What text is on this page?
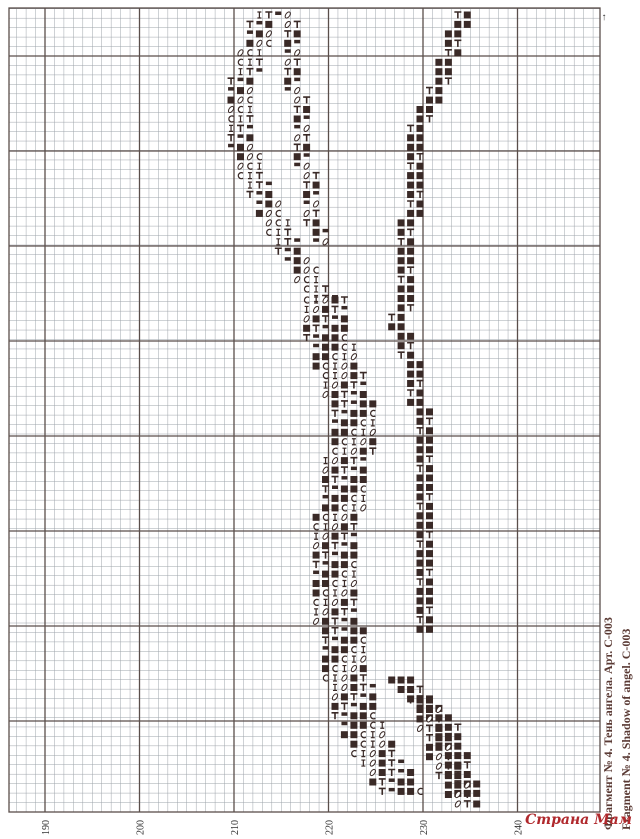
190	200	210	220	230	240
↑
Фрагмент № 4. Тень ангела. Арт. С-003 Fragment № 4. Shadow of angel. C-003
Страна Мам
